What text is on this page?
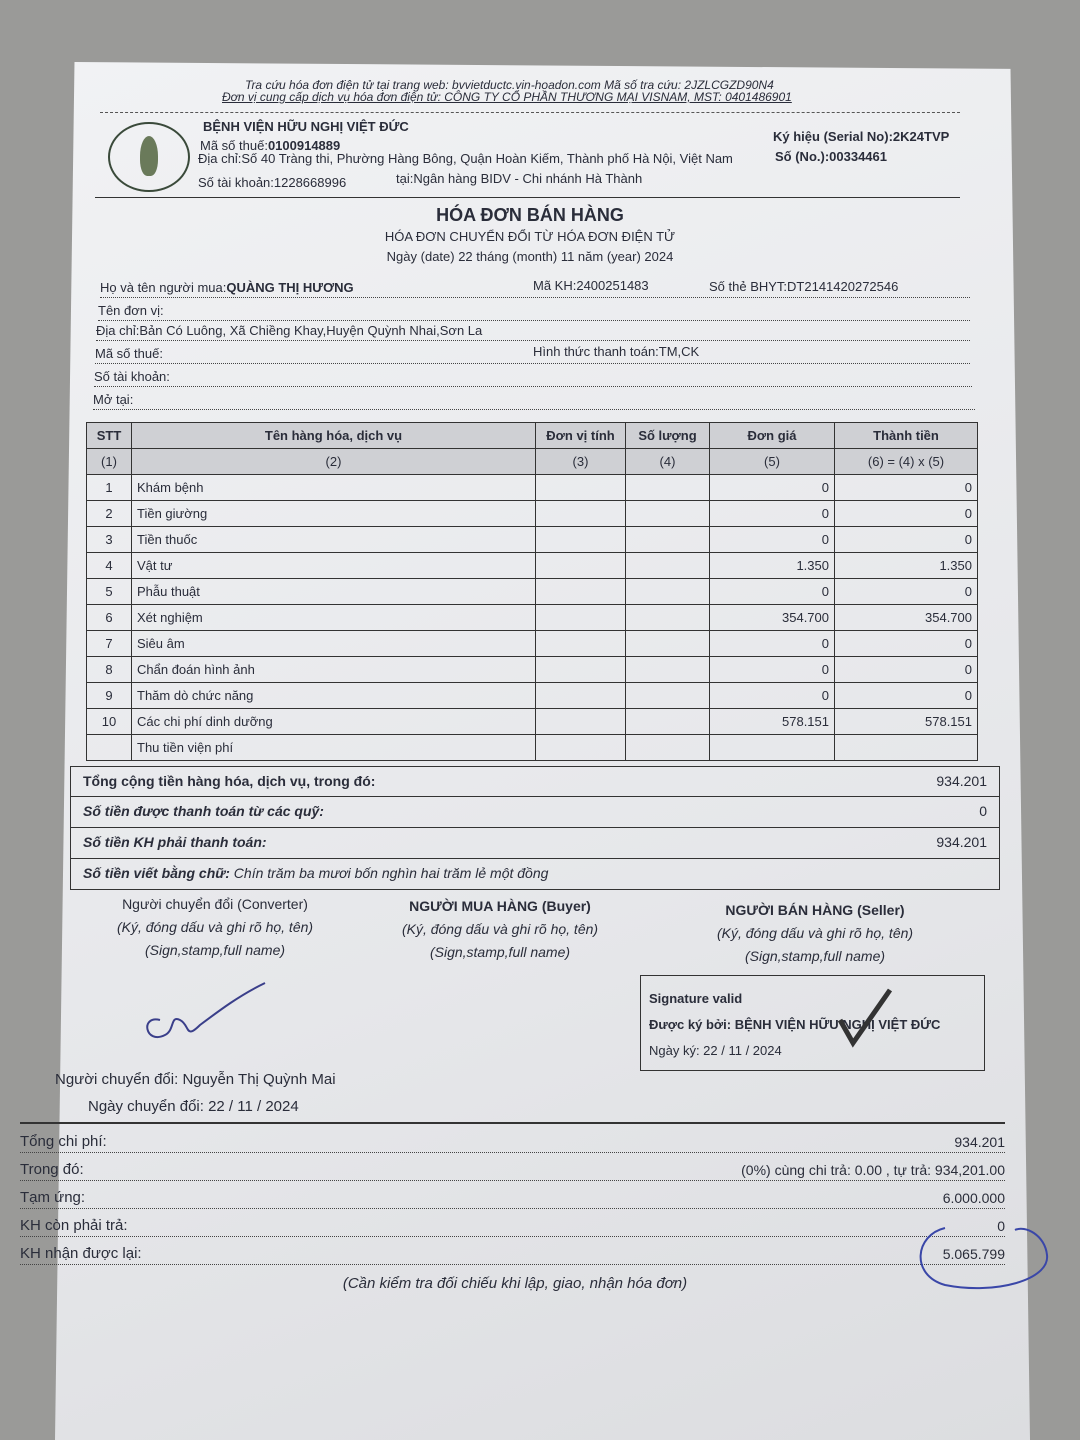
Tra cứu hóa đơn điện tử tại trang web: bvvietductc.vin-hoadon.com Mã số tra cứu: 2JZLCGZD90N4
Đơn vị cung cấp dịch vụ hóa đơn điện tử: CÔNG TY CỔ PHẦN THƯƠNG MẠI VISNAM, MST: 0401486901
BỆNH VIỆN HỮU NGHỊ VIỆT ĐỨC
Mã số thuế:0100914889
Địa chỉ:Số 40 Tràng thi, Phường Hàng Bông, Quận Hoàn Kiếm, Thành phố Hà Nội, Việt Nam
Số tài khoản:1228668996	tại:Ngân hàng BIDV - Chi nhánh Hà Thành
Ký hiệu (Serial No):2K24TVP
Số (No.):00334461
HÓA ĐƠN BÁN HÀNG
HÓA ĐƠN CHUYỂN ĐỔI TỪ HÓA ĐƠN ĐIỆN TỬ
Ngày (date) 22 tháng (month) 11 năm (year) 2024
Họ và tên người mua:QUÀNG THỊ HƯƠNG	Mã KH:2400251483	Số thẻ BHYT:DT2141420272546
Tên đơn vị:
Địa chỉ:Bản Có Luông, Xã Chiềng Khay,Huyện Quỳnh Nhai,Sơn La
Mã số thuế:	Hình thức thanh toán:TM,CK
Số tài khoản:
Mở tại:
STT	Tên hàng hóa, dịch vụ	Đơn vị tính	Số lượng	Đơn giá	Thành tiền
(1)	(2)	(3)	(4)	(5)	(6) = (4) x (5)
1	Khám bệnh			0	0
2	Tiền giường			0	0
3	Tiền thuốc			0	0
4	Vật tư			1.350	1.350
5	Phẫu thuật			0	0
6	Xét nghiệm			354.700	354.700
7	Siêu âm			0	0
8	Chẩn đoán hình ảnh			0	0
9	Thăm dò chức năng			0	0
10	Các chi phí dinh dưỡng			578.151	578.151
	Thu tiền viện phí				
Tổng cộng tiền hàng hóa, dịch vụ, trong đó:	934.201
Số tiền được thanh toán từ các quỹ:	0
Số tiền KH phải thanh toán:	934.201
Số tiền viết bằng chữ:
Chín trăm ba mươi bốn nghìn hai trăm lẻ một đồng
Người chuyển đổi (Converter)
(Ký, đóng dấu và ghi rõ họ, tên)
(Sign,stamp,full name)
NGƯỜI MUA HÀNG (Buyer)
(Ký, đóng dấu và ghi rõ họ, tên)
(Sign,stamp,full name)
NGƯỜI BÁN HÀNG (Seller)
(Ký, đóng dấu và ghi rõ họ, tên)
(Sign,stamp,full name)
Signature valid
Được ký bởi: BỆNH VIỆN HỮU NGHỊ VIỆT ĐỨC
Ngày ký: 22 / 11 / 2024
Người chuyển đổi: Nguyễn Thị Quỳnh Mai
Ngày chuyển đổi: 22 / 11 / 2024
Tổng chi phí:	934.201
Trong đó:	(0%) cùng chi trả: 0.00 , tự trả: 934,201.00
Tạm ứng:	6.000.000
KH còn phải trả:	0
KH nhận được lại:	5.065.799
(Cần kiểm tra đối chiếu khi lập, giao, nhận hóa đơn)
